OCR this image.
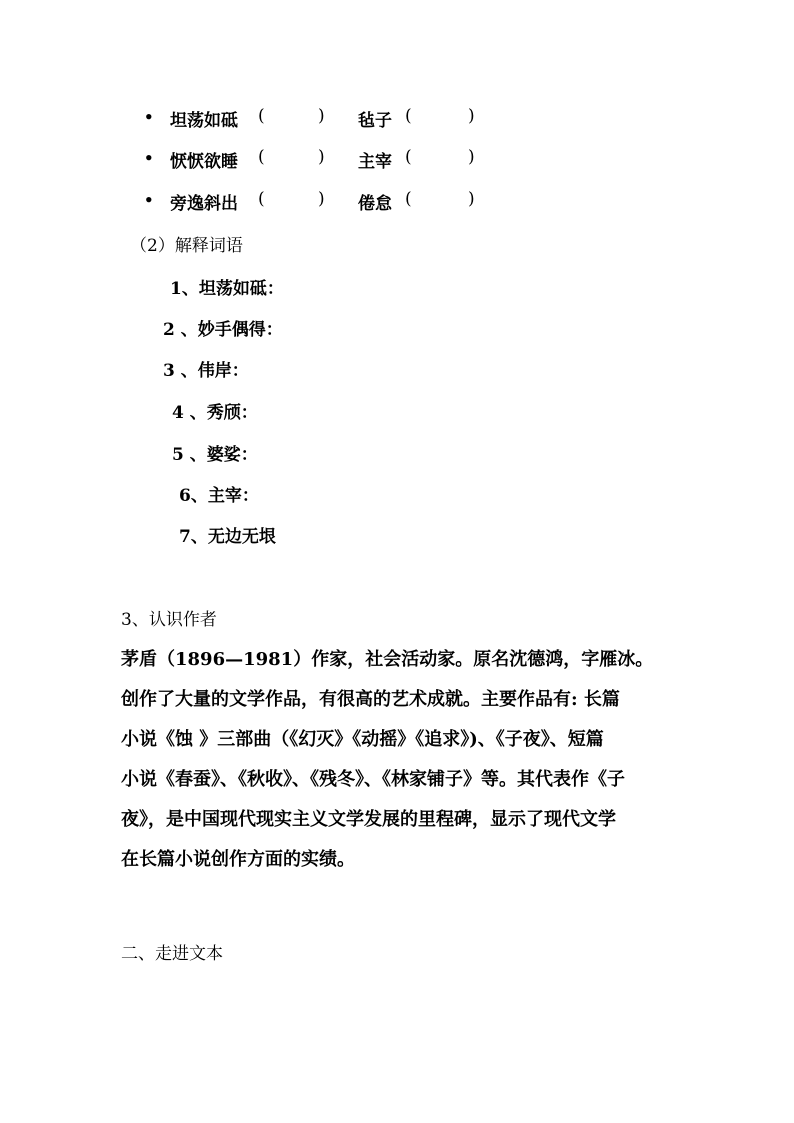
• 坦荡如砥 (	) 毡子 (	)
• 恹恹欲睡 (	) 主宰 (	)
• 旁逸斜出 (	) 倦怠 (	)
（2）解释词语
1、坦荡如砥：
2 、妙手偶得：
3 、伟岸：
4 、秀颀：
5 、婆娑：
6、主宰：
7、无边无垠
3、认识作者
茅盾（1896—1981）作家，社会活动家。原名沈德鸿，字雁冰。
创作了大量的文学作品，有很高的艺术成就。主要作品有: 长篇
小说《蚀 》三部曲（《幻灭》《动摇》《追求》)、《子夜》、短篇
小说《春蚕》、《秋收》、《残冬》、《林家铺子》等。其代表作《子
夜》，是中国现代现实主义文学发展的里程碑，显示了现代文学
在长篇小说创作方面的实绩。
二、走进文本
